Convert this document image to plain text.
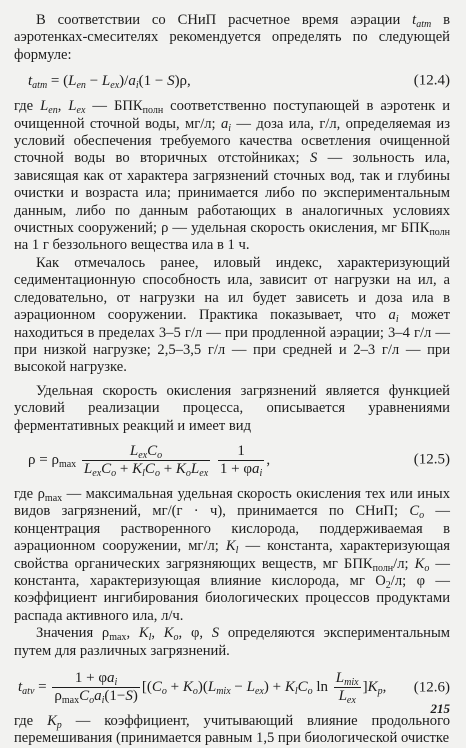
В соответствии со СНиП расчетное время аэрации $t_{atm}$ в аэротенках-смесителях рекомендуется определять по следующей формуле:

$t_{atm} = (L_{en} - L_{ex})/a_i(1 - S)\rho$,	(12.4)

где $L_{en}$, $L_{ex}$ — $БПК_{полн}$ соответственно поступающей в аэротенк и очищенной сточной воды, мг/л; $a_i$ — доза ила, г/л, определяемая из условий обеспечения требуемого качества осветления очищенной сточной воды во вторичных отстойниках; S — зольность ила, зависящая как от характера загрязнений сточных вод, так и глубины очистки и возраста ила; принимается либо по экспериментальным данным, либо по данным работающих в аналогичных условиях очистных сооружений; ρ — удельная скорость окисления, мг $БПК_{полн}$ на 1 г беззольного вещества ила в 1 ч.

Как отмечалось ранее, иловый индекс, характеризующий седиментационную способность ила, зависит от нагрузки на ил, а следовательно, от нагрузки на ил будет зависеть и доза ила в аэрационном сооружении. Практика показывает, что $a_i$ может находиться в пределах 3–5 г/л — при продленной аэрации; 3–4 г/л — при низкой нагрузке; 2,5–3,5 г/л — при средней и 2–3 г/л — при высокой нагрузке.

Удельная скорость окисления загрязнений является функцией условий реализации процесса, описывается уравнениями ферментативных реакций и имеет вид

$\rho = \rho_{max} \frac{L_{ex}C_o}{L_{ex}C_o + K_lC_o + K_oL_{ex}}$
$\frac{1}{1 + \varphi a_i}$ ,	(12.5)

где $\rho_{max}$ — максимальная удельная скорость окисления тех или иных видов загрязнений, мг/(г · ч), принимается по СНиП; $C_o$ — концентрация растворенного кислорода, поддерживаемая в аэрационном сооружении, мг/л; $K_l$ — константа, характеризующая свойства органических загрязняющих веществ, мг $БПК_{полн}/л$; $K_o$ — константа, характеризующая влияние кислорода, мг $O_2/л$; φ — коэффициент ингибирования биологических процессов продуктами распада активного ила, л/ч.

Значения $\rho_{max}$, $K_l$, $K_o$, φ, S определяются экспериментальным путем для различных загрязнений.

$t_{atv} = \frac{1 + \varphi a_i}{\rho_{max}C_oa_i(1-S)} [(C_o + K_o)(L_{mix} - L_{ex}) + K_lC_o$ $\ln \frac{L_{mix}}{L_{ex}} ]K_p$,	(12.6)

где $K_p$ — коэффициент, учитывающий влияние продольного перемешивания (принимается равным 1,5 при биологической очистке

215
